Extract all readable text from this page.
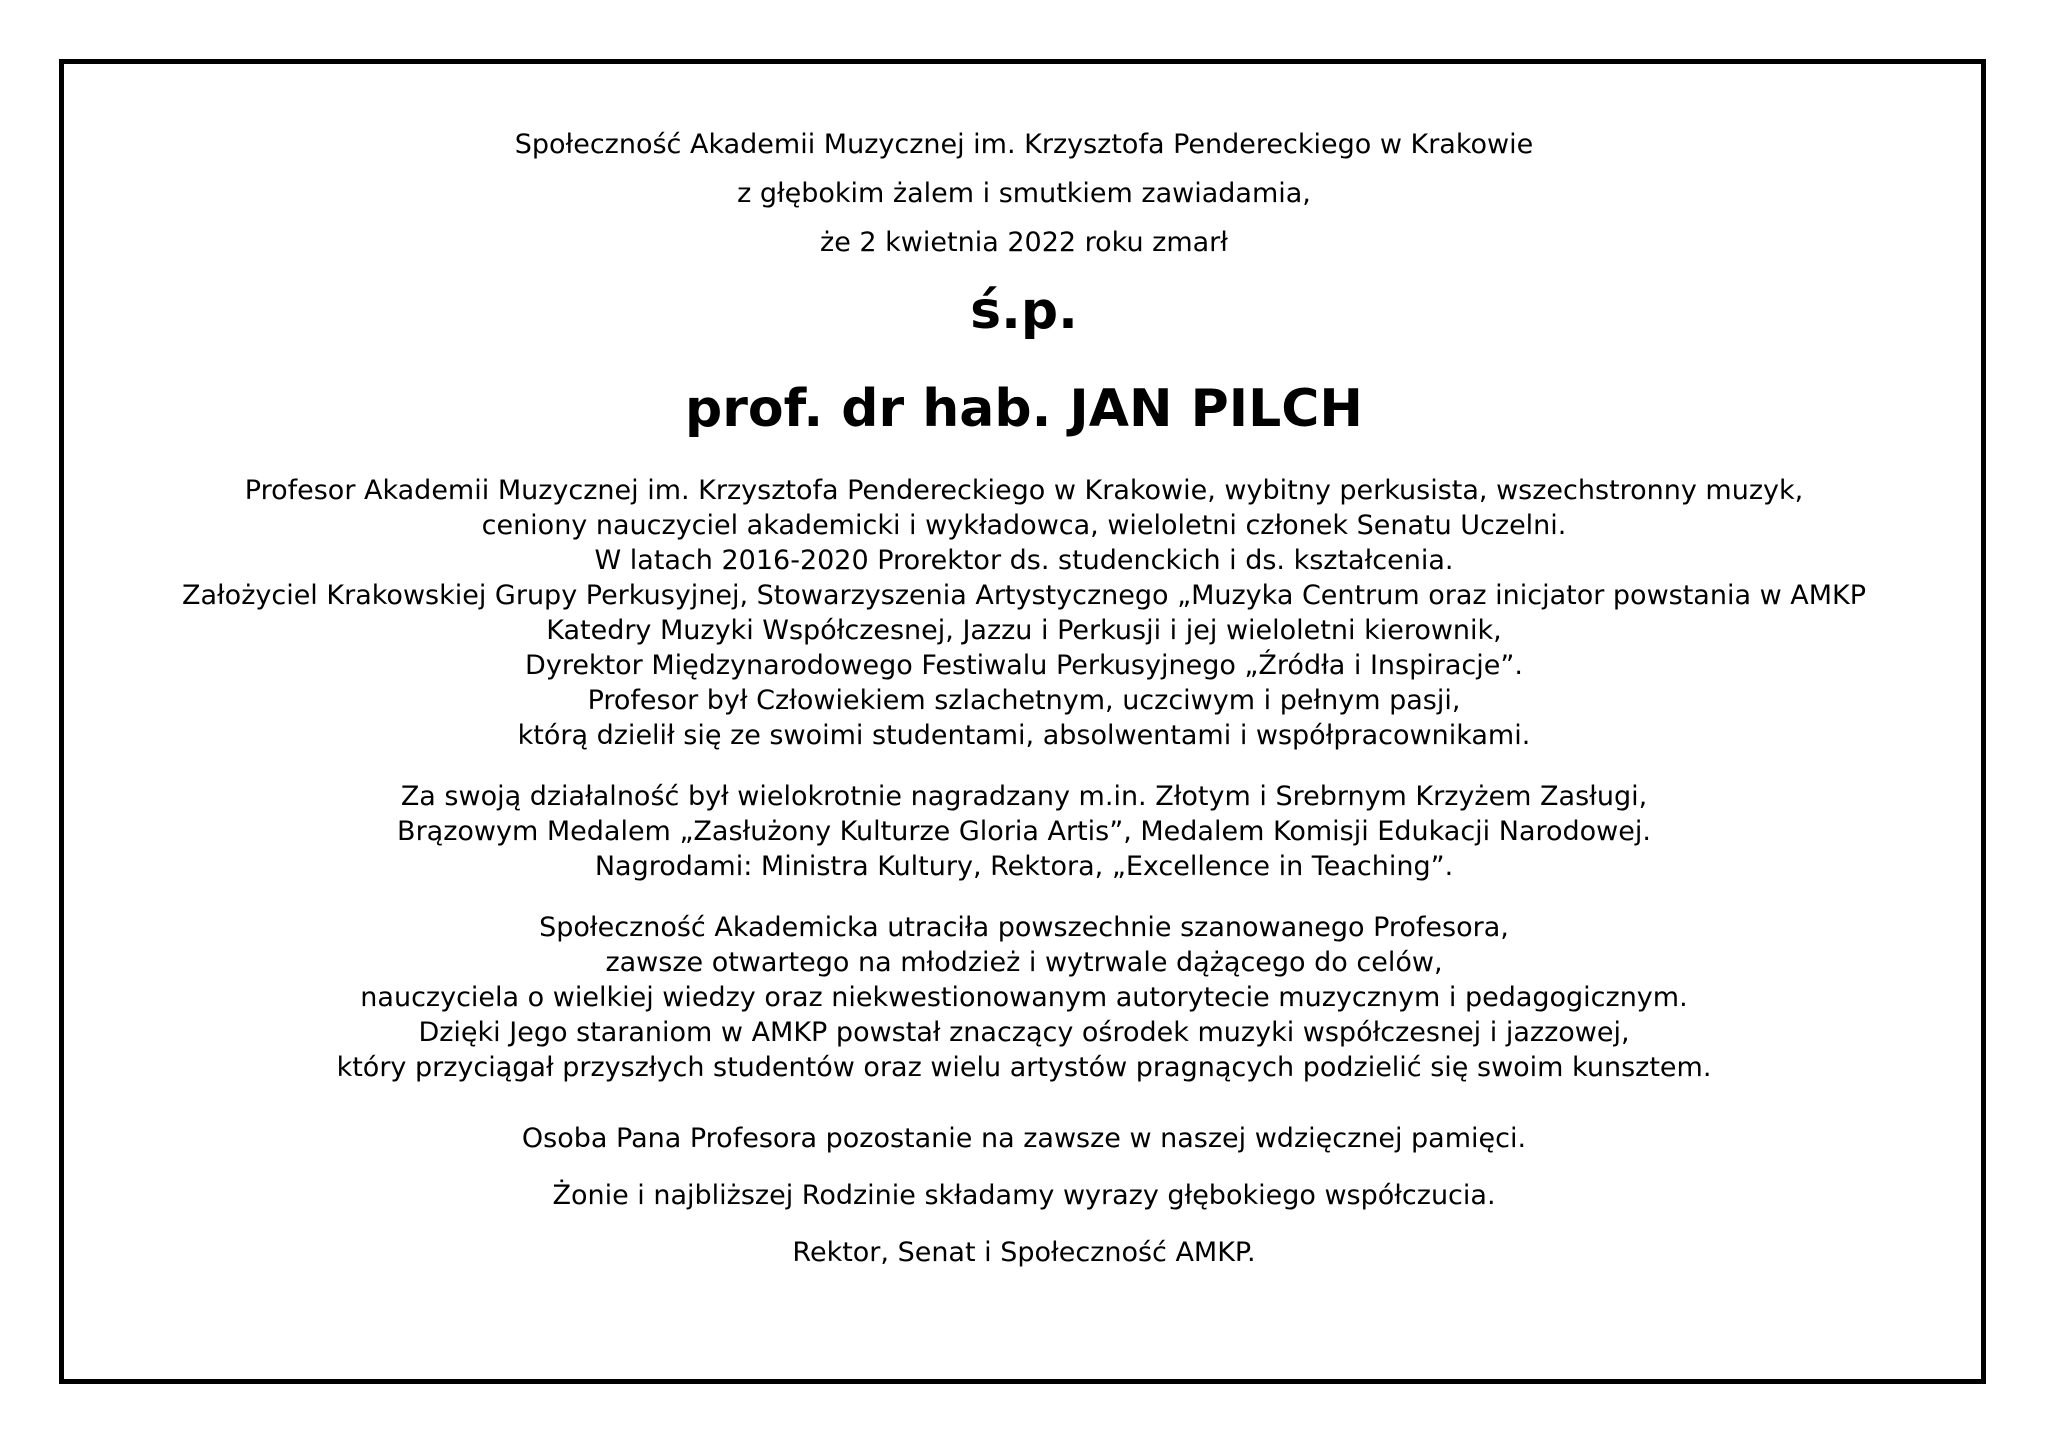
Społeczność Akademii Muzycznej im. Krzysztofa Pendereckiego w Krakowie
z głębokim żalem i smutkiem zawiadamia,
że 2 kwietnia 2022 roku zmarł
ś.p.
prof. dr hab. JAN PILCH
Profesor Akademii Muzycznej im. Krzysztofa Pendereckiego w Krakowie, wybitny perkusista, wszechstronny muzyk,
ceniony nauczyciel akademicki i wykładowca, wieloletni członek Senatu Uczelni.
W latach 2016-2020 Prorektor ds. studenckich i ds. kształcenia.
Założyciel Krakowskiej Grupy Perkusyjnej, Stowarzyszenia Artystycznego „Muzyka Centrum oraz inicjator powstania w AMKP
Katedry Muzyki Współczesnej, Jazzu i Perkusji i jej wieloletni kierownik,
Dyrektor Międzynarodowego Festiwalu Perkusyjnego „Źródła i Inspiracje”.
Profesor był Człowiekiem szlachetnym, uczciwym i pełnym pasji,
którą dzielił się ze swoimi studentami, absolwentami i współpracownikami.
Za swoją działalność był wielokrotnie nagradzany m.in. Złotym i Srebrnym Krzyżem Zasługi,
Brązowym Medalem „Zasłużony Kulturze Gloria Artis”, Medalem Komisji Edukacji Narodowej.
Nagrodami: Ministra Kultury, Rektora, „Excellence in Teaching”.
Społeczność Akademicka utraciła powszechnie szanowanego Profesora,
zawsze otwartego na młodzież i wytrwale dążącego do celów,
nauczyciela o wielkiej wiedzy oraz niekwestionowanym autorytecie muzycznym i pedagogicznym.
Dzięki Jego staraniom w AMKP powstał znaczący ośrodek muzyki współczesnej i jazzowej,
który przyciągał przyszłych studentów oraz wielu artystów pragnących podzielić się swoim kunsztem.
Osoba Pana Profesora pozostanie na zawsze w naszej wdzięcznej pamięci.
Żonie i najbliższej Rodzinie składamy wyrazy głębokiego współczucia.
Rektor, Senat i Społeczność AMKP.
